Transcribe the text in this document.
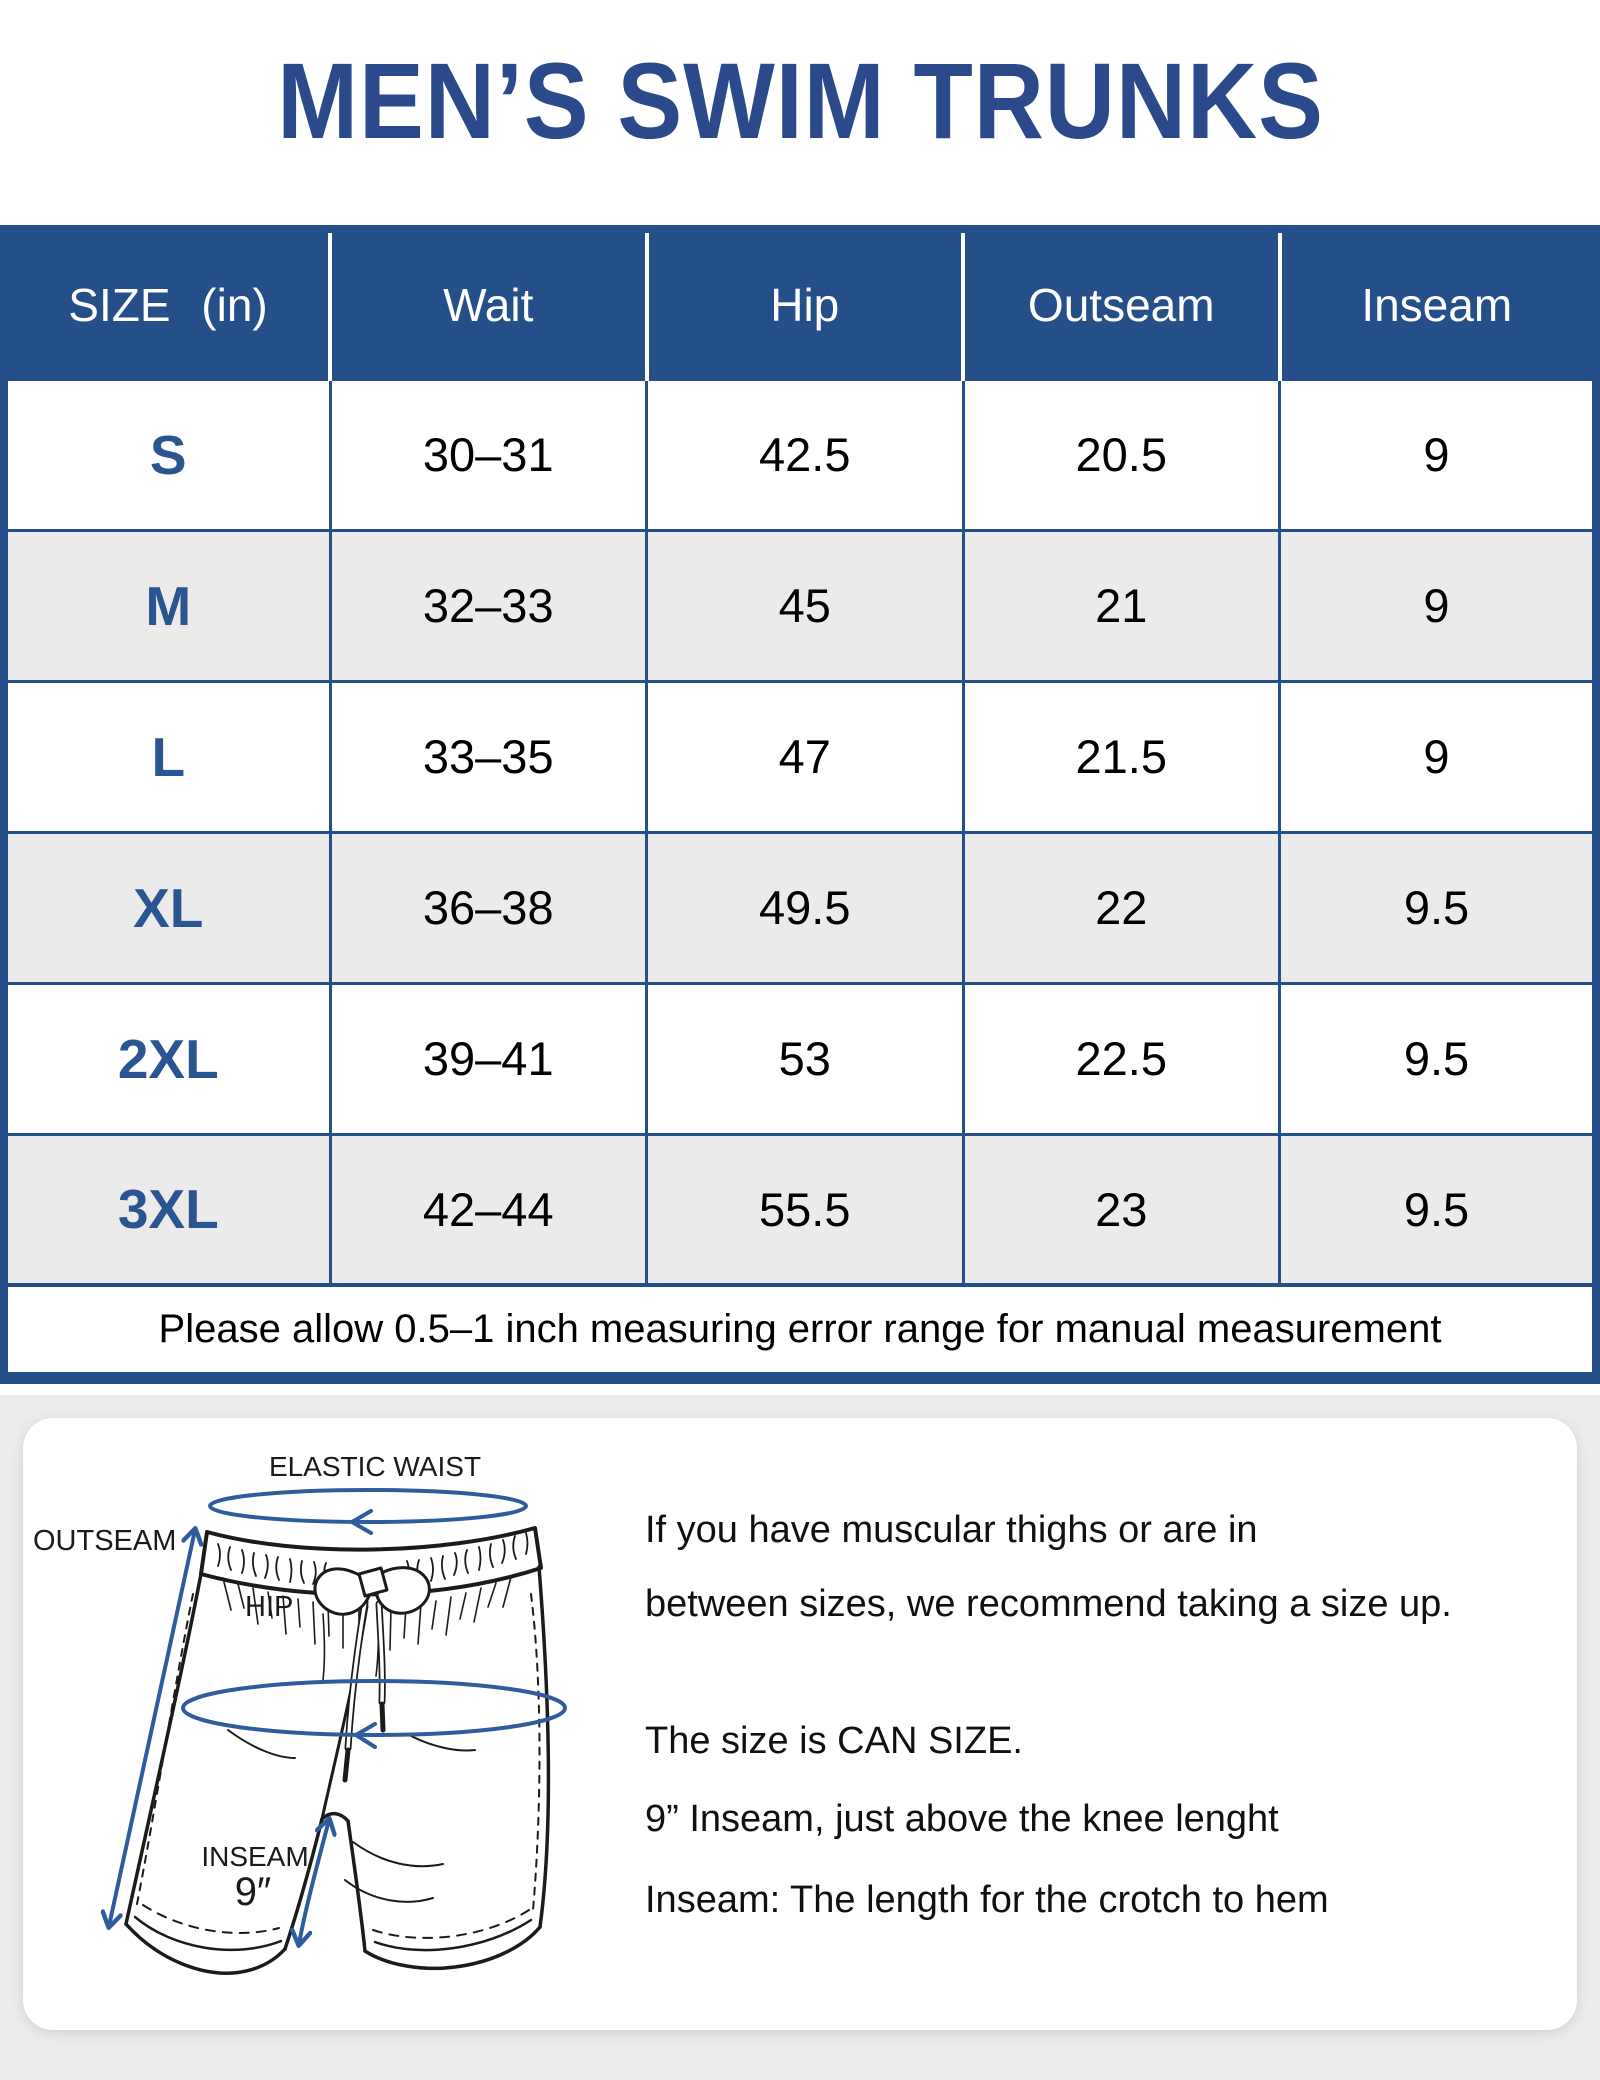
MEN’S SWIM TRUNKS
SIZE (in)	Wait	Hip	Outseam	Inseam
S	30–31	42.5	20.5	9
M	32–33	45	21	9
L	33–35	47	21.5	9
XL	36–38	49.5	22	9.5
2XL	39–41	53	22.5	9.5
3XL	42–44	55.5	23	9.5
Please allow 0.5–1 inch measuring error range for manual measurement				
ELASTIC WAIST
OUTSEAM
HIP
INSEAM
9″
If you have muscular thighs or are in
between sizes, we recommend taking a size up.
The size is CAN SIZE.
9” Inseam, just above the knee lenght
Inseam: The length for the crotch to hem
